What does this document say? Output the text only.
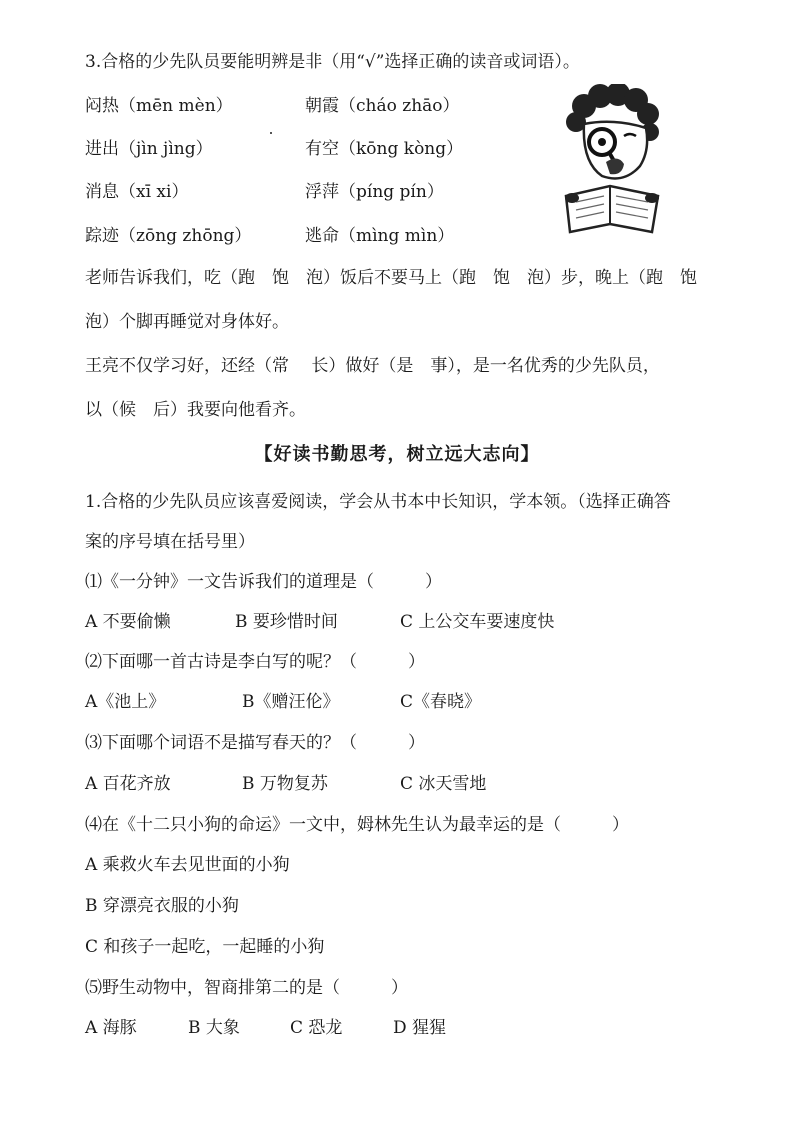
3.合格的少先队员要能明辨是非（用“√”选择正确的读音或词语）。
闷热（mēn mèn）	朝霞（cháo zhāo）
进出（jìn jìng）	有空（kōng kòng）
消息（xī xi）	浮萍（píng pín）
踪迹（zōng zhōng）	逃命（mìng mìn）
老师告诉我们，吃（跑　饱　泡）饭后不要马上（跑　饱　泡）步，晚上（跑　饱
泡）个脚再睡觉对身体好。
王亮不仅学习好，还经（常　 长）做好（是　事），是一名优秀的少先队员，
以（候　后）我要向他看齐。
【好读书勤思考，树立远大志向】
1.合格的少先队员应该喜爱阅读，学会从书本中长知识，学本领。（选择正确答
案的序号填在括号里）
⑴《一分钟》一文告诉我们的道理是（　　　）
A 不要偷懒	B 要珍惜时间	C 上公交车要速度快
⑵下面哪一首古诗是李白写的呢？（　　　）
A《池上》	B《赠汪伦》	C《春晓》
⑶下面哪个词语不是描写春天的？（　　　）
A 百花齐放	B 万物复苏	C 冰天雪地
⑷在《十二只小狗的命运》一文中，姆林先生认为最幸运的是（　　　）
A 乘救火车去见世面的小狗
B 穿漂亮衣服的小狗
C 和孩子一起吃，一起睡的小狗
⑸野生动物中，智商排第二的是（　　　）
A 海豚	B 大象	C 恐龙	D 猩猩
